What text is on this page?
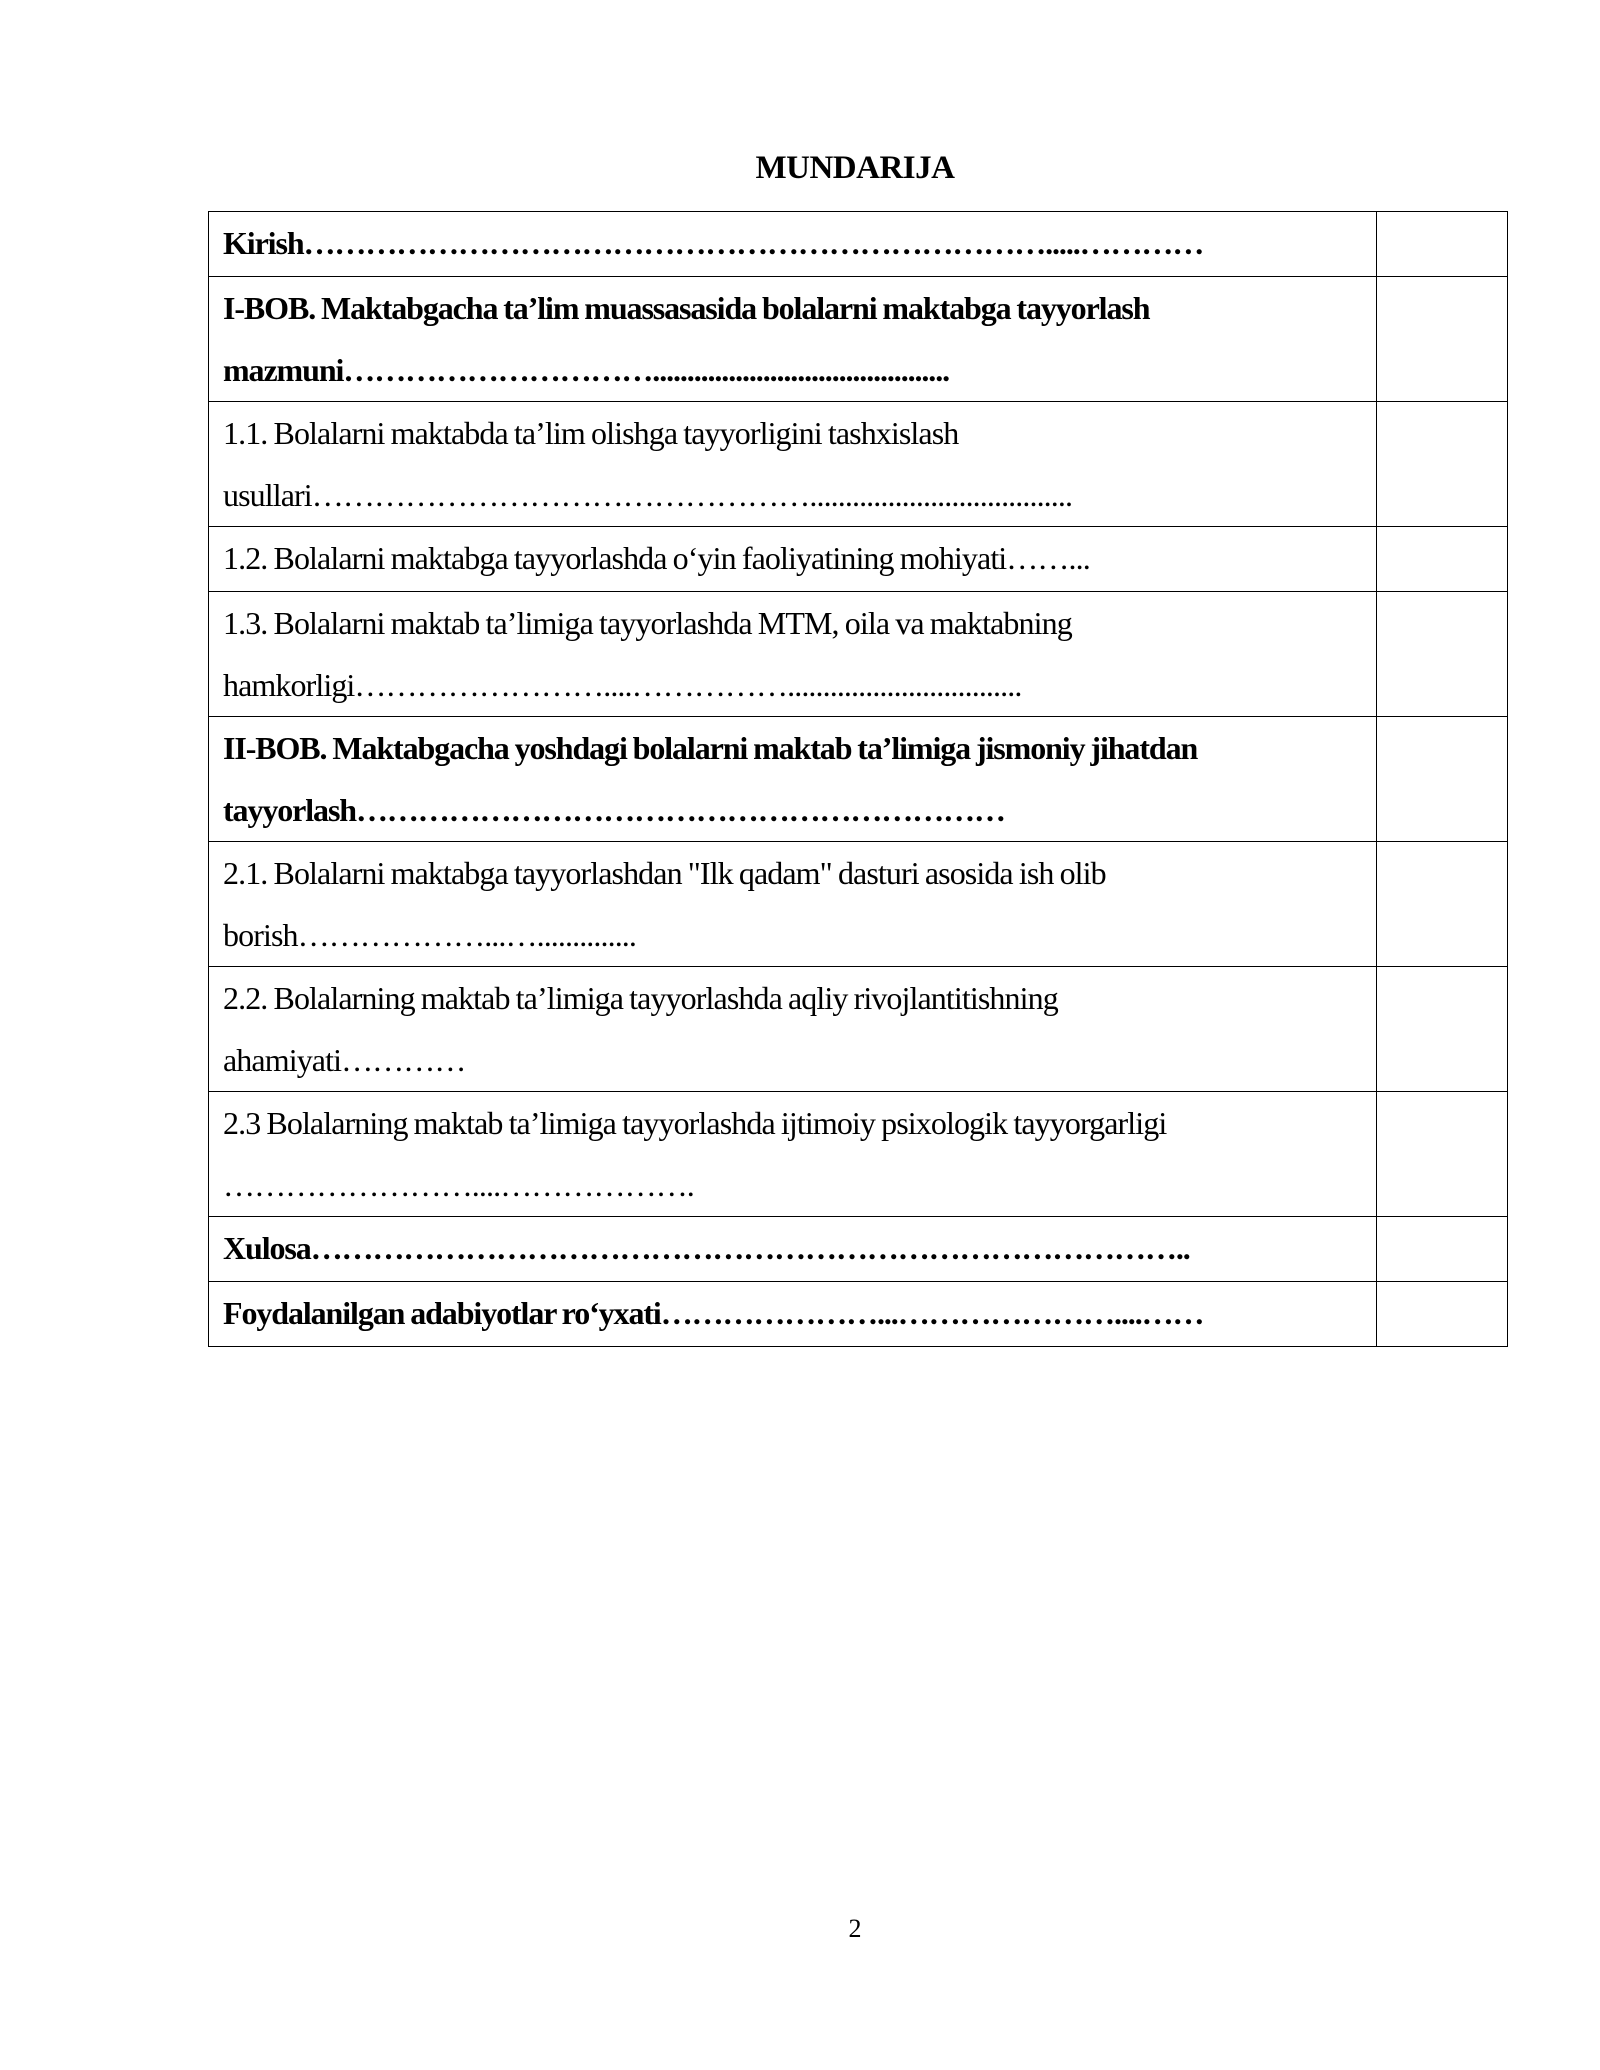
MUNDARIJA
Kirish……………………………………………………………….....…………	

I-BOB. Maktabgacha ta’lim muassasasida bolalarni maktabga tayyorlash
mazmuni…………………………...........................................	

1.1. Bolalarni maktabda ta’lim olishga tayyorligini tashxislash
usullari………………………………………….....................................	

1.2. Bolalarni maktabga tayyorlashda o‘yin faoliyatining mohiyati……...	

1.3. Bolalarni maktab ta’limiga tayyorlashda MTM, oila va maktabning
hamkorligi……………………....…………….................................	

II-BOB. Maktabgacha yoshdagi bolalarni maktab ta’limiga jismoniy jihatdan
tayyorlash………………………………………………………	

2.1. Bolalarni maktabga tayyorlashdan "Ilk qadam" dasturi asosida ish olib
borish………………...…..............	

2.2. Bolalarning maktab ta’limiga tayyorlashda aqliy rivojlantitishning
ahamiyati…………	

2.3 Bolalarning maktab ta’limiga tayyorlashda ijtimoiy psixologik tayyorgarligi
……………………....……………….	

Xulosa…………………………………………………………………………..	

Foydalanilgan adabiyotlar ro‘yxati…………………...…………………....……	

2
